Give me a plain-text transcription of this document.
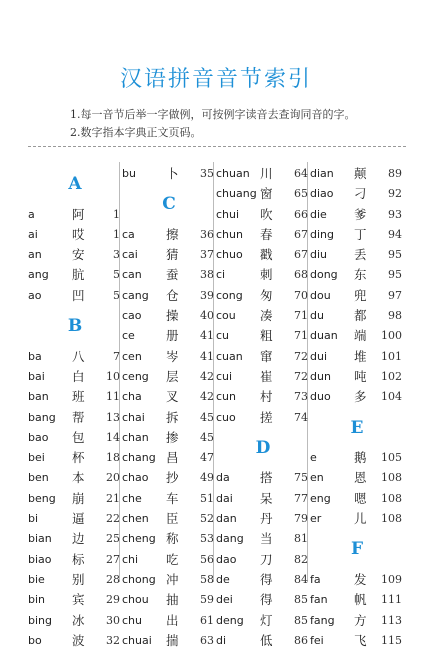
汉语拼音音节索引
1.每一音节后举一字做例，可按例字读音去查询同音的字。
2.数字指本字典正文页码。
A
a	阿	1
ai	哎	1
an 安	3
ang 肮	5
ao 凹	5
B
ba 八	7
bai 白 10
ban 班 11
bang 帮 13
bao 包 14
bei 杯 18
ben 本 20
beng 崩 21
bi	逼 22
bian 边 25
biao 标 27
bie 别 28
bin 宾 29
bing 冰 30
bo 波 32
bu 卜 35
C
ca 擦 36
cai 猜 37
can 蚕 38
cang 仓 39
cao 操 40
ce 册 41
cen 岑 41
ceng 层 42
cha 叉 42
chai 拆 45
chan 掺 45
chang 昌 47
chao 抄 49
che 车 51
chen 臣 52
cheng 称 53
chi 吃 56
chong 冲 58
chou 抽 59
chu 出 61
chuai 揣 63
chuan 川 64
chuang 窗 65
chui 吹 66
chun 春 67
chuo 戳 67
ci	刺 68
cong 匆 70
cou 凑 71
cu 粗 71
cuan 窜 72
cui 崔 72
cun 村 73
cuo 搓 74
D
da 搭 75
dai 呆 77
dan 丹 79
dang 当 81
dao 刀 82
de 得 84
dei 得 85
deng 灯 85
di	低 86
dian 颠 89
diao 刁 92
die 爹 93
ding 丁 94
diu 丢 95
dong 东 95
dou 兜 97
du 都 98
duan 端 100
dui 堆 101
dun 吨 102
duo 多 104
E
e	鹅 105
en 恩 108
eng 嗯 108
er	儿 108
F
fa	发 109
fan 帆 111
fang 方 113
fei 飞 115
